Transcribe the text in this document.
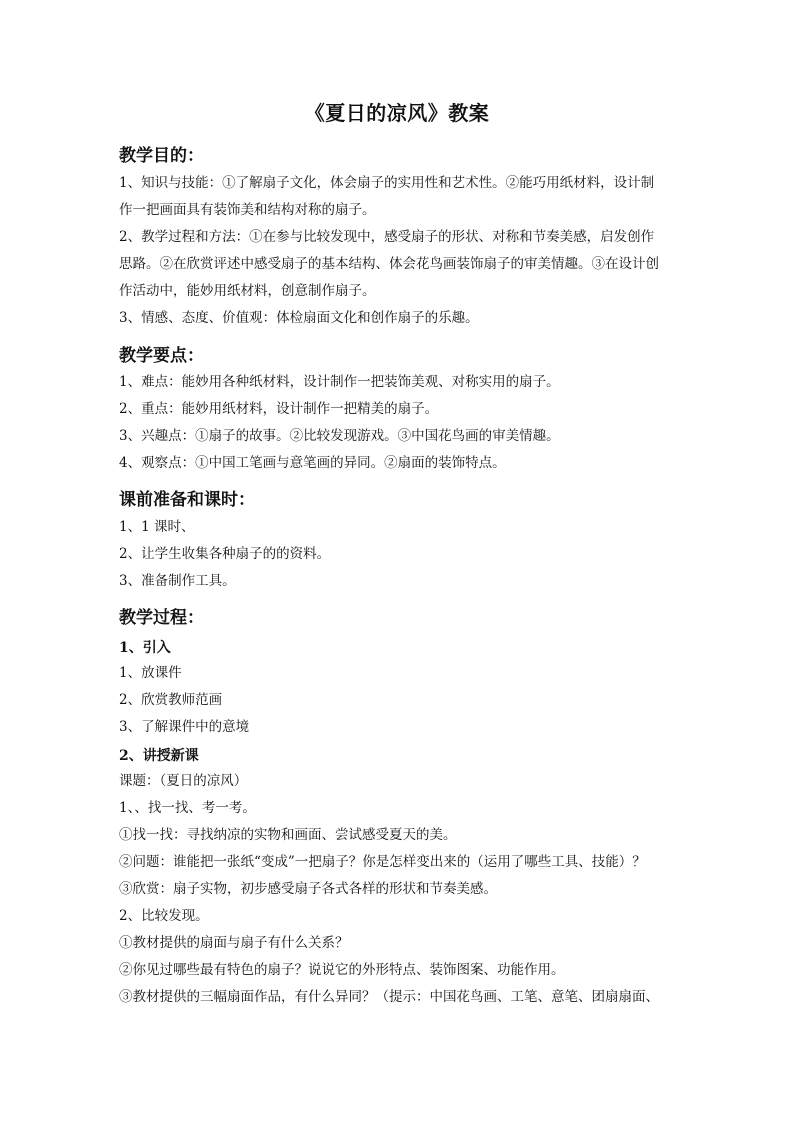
《夏日的凉风》教案
教学目的：
1、知识与技能：①了解扇子文化，体会扇子的实用性和艺术性。②能巧用纸材料，设计制
作一把画面具有装饰美和结构对称的扇子。
2、教学过程和方法：①在参与比较发现中，感受扇子的形状、对称和节奏美感，启发创作
思路。②在欣赏评述中感受扇子的基本结构、体会花鸟画装饰扇子的审美情趣。③在设计创
作活动中，能妙用纸材料，创意制作扇子。
3、情感、态度、价值观：体检扇面文化和创作扇子的乐趣。
教学要点：
1、难点：能妙用各种纸材料，设计制作一把装饰美观、对称实用的扇子。
2、重点：能妙用纸材料，设计制作一把精美的扇子。
3、兴趣点：①扇子的故事。②比较发现游戏。③中国花鸟画的审美情趣。
4、观察点：①中国工笔画与意笔画的异同。②扇面的装饰特点。
课前准备和课时：
1、1 课时、
2、让学生收集各种扇子的的资料。
3、准备制作工具。
教学过程：
1、引入
1、放课件
2、欣赏教师范画
3、了解课件中的意境
2、讲授新课
课题：（夏日的凉风）
1、、找一找、考一考。
①找一找：寻找纳凉的实物和画面、尝试感受夏天的美。
②问题：谁能把一张纸“变成”一把扇子？你是怎样变出来的（运用了哪些工具、技能）？
③欣赏：扇子实物，初步感受扇子各式各样的形状和节奏美感。
2、比较发现。
①教材提供的扇面与扇子有什么关系？
②你见过哪些最有特色的扇子？说说它的外形特点、装饰图案、功能作用。
③教材提供的三幅扇面作品，有什么异同？（提示：中国花鸟画、工笔、意笔、团扇扇面、
